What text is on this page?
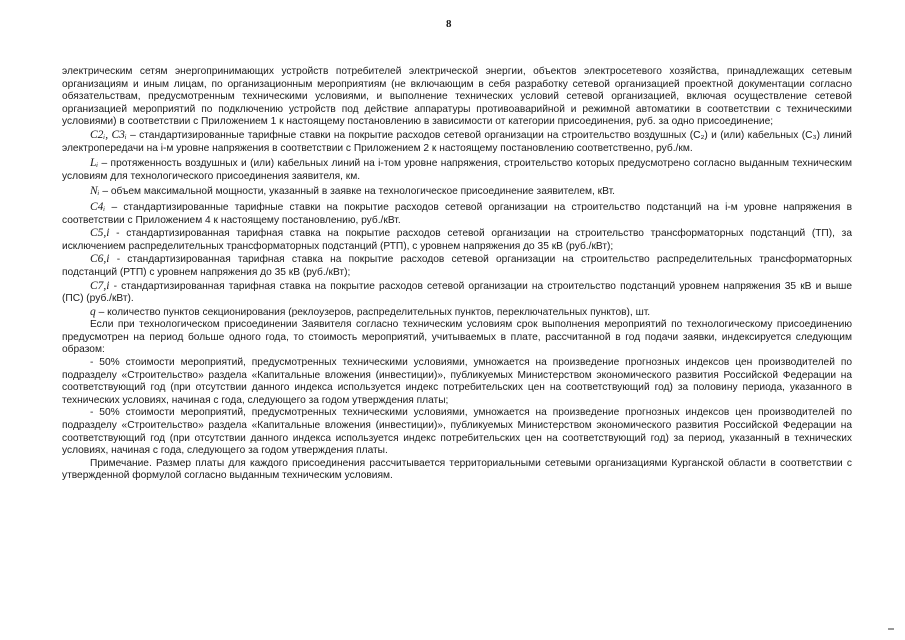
8

электрическим сетям энергопринимающих устройств потребителей электрической энергии, объектов электросетевого хозяйства, принадлежащих сетевым организациям и иным лицам, по организационным мероприятиям (не включающим в себя разработку сетевой организацией проектной документации согласно обязательствам, предусмотренным техническими условиями, и выполнение технических условий сетевой организацией, включая осуществление сетевой организацией мероприятий по подключению устройств под действие аппаратуры противоаварийной и режимной автоматики в соответствии с техническими условиями) в соответствии с Приложением 1 к настоящему постановлению в зависимости от категории присоединения, руб. за одно присоединение;

C2ᵢ, C3ᵢ – стандартизированные тарифные ставки на покрытие расходов сетевой организации на строительство воздушных (C₂) и (или) кабельных (C₃) линий электропередачи на i-м уровне напряжения в соответствии с Приложением 2 к настоящему постановлению соответственно, руб./км.

Lᵢ – протяженность воздушных и (или) кабельных линий на i-том уровне напряжения, строительство которых предусмотрено согласно выданным техническим условиям для технологического присоединения заявителя, км.

Nᵢ – объем максимальной мощности, указанный в заявке на технологическое присоединение заявителем, кВт.

C4ᵢ – стандартизированные тарифные ставки на покрытие расходов сетевой организации на строительство подстанций на i-м уровне напряжения в соответствии с Приложением 4 к настоящему постановлению, руб./кВт.

C5,i - стандартизированная тарифная ставка на покрытие расходов сетевой организации на строительство трансформаторных подстанций (ТП), за исключением распределительных трансформаторных подстанций (РТП), с уровнем напряжения до 35 кВ (руб./кВт);

C6,i - стандартизированная тарифная ставка на покрытие расходов сетевой организации на строительство распределительных трансформаторных подстанций (РТП) с уровнем напряжения до 35 кВ (руб./кВт);

C7,i - стандартизированная тарифная ставка на покрытие расходов сетевой организации на строительство подстанций уровнем напряжения 35 кВ и выше (ПС) (руб./кВт).

q – количество пунктов секционирования (реклоузеров, распределительных пунктов, переключательных пунктов), шт.

Если при технологическом присоединении Заявителя согласно техническим условиям срок выполнения мероприятий по технологическому присоединению предусмотрен на период больше одного года, то стоимость мероприятий, учитываемых в плате, рассчитанной в год подачи заявки, индексируется следующим образом:

- 50% стоимости мероприятий, предусмотренных техническими условиями, умножается на произведение прогнозных индексов цен производителей по подразделу «Строительство» раздела «Капитальные вложения (инвестиции)», публикуемых Министерством экономического развития Российской Федерации на соответствующий год (при отсутствии данного индекса используется индекс потребительских цен на соответствующий год) за половину периода, указанного в технических условиях, начиная с года, следующего за годом утверждения платы;

- 50% стоимости мероприятий, предусмотренных техническими условиями, умножается на произведение прогнозных индексов цен производителей по подразделу «Строительство» раздела «Капитальные вложения (инвестиции)», публикуемых Министерством экономического развития Российской Федерации на соответствующий год (при отсутствии данного индекса используется индекс потребительских цен на соответствующий год) за период, указанный в технических условиях, начиная с года, следующего за годом утверждения платы.

Примечание. Размер платы для каждого присоединения рассчитывается территориальными сетевыми организациями Курганской области в соответствии с утвержденной формулой согласно выданным техническим условиям.
